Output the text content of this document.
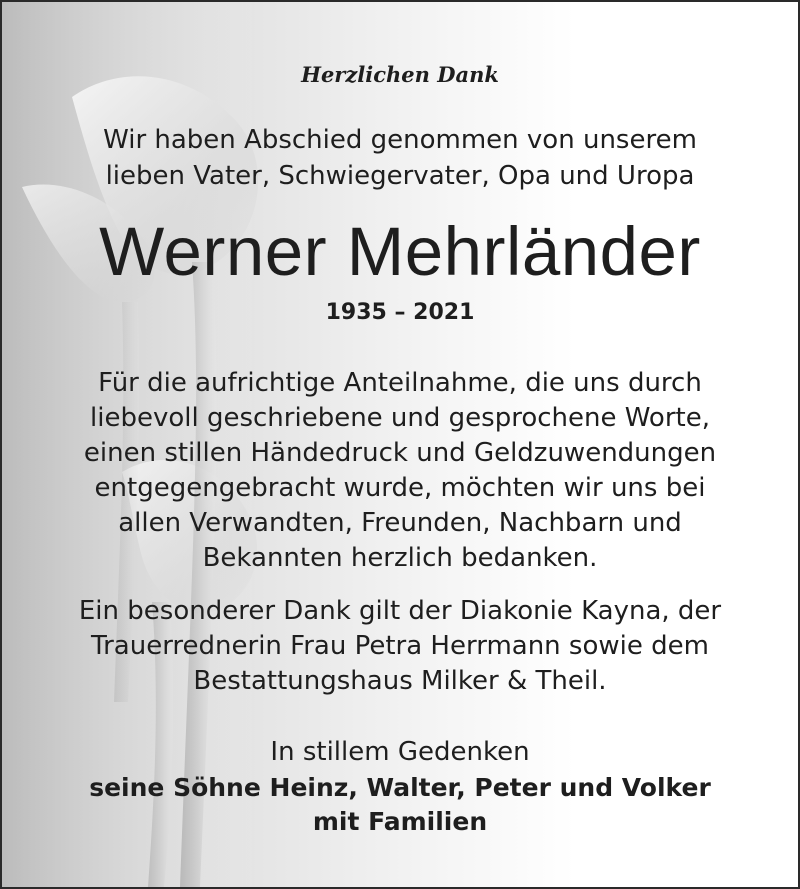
Herzlichen Dank
Wir haben Abschied genommen von unserem
lieben Vater, Schwiegervater, Opa und Uropa
Werner Mehrländer
1935 – 2021
Für die aufrichtige Anteilnahme, die uns durch
liebevoll geschriebene und gesprochene Worte,
einen stillen Händedruck und Geldzuwendungen
entgegengebracht wurde, möchten wir uns bei
allen Verwandten, Freunden, Nachbarn und
Bekannten herzlich bedanken.
Ein besonderer Dank gilt der Diakonie Kayna, der
Trauerrednerin Frau Petra Herrmann sowie dem
Bestattungshaus Milker & Theil.
In stillem Gedenken
seine Söhne Heinz, Walter, Peter und Volker
mit Familien
